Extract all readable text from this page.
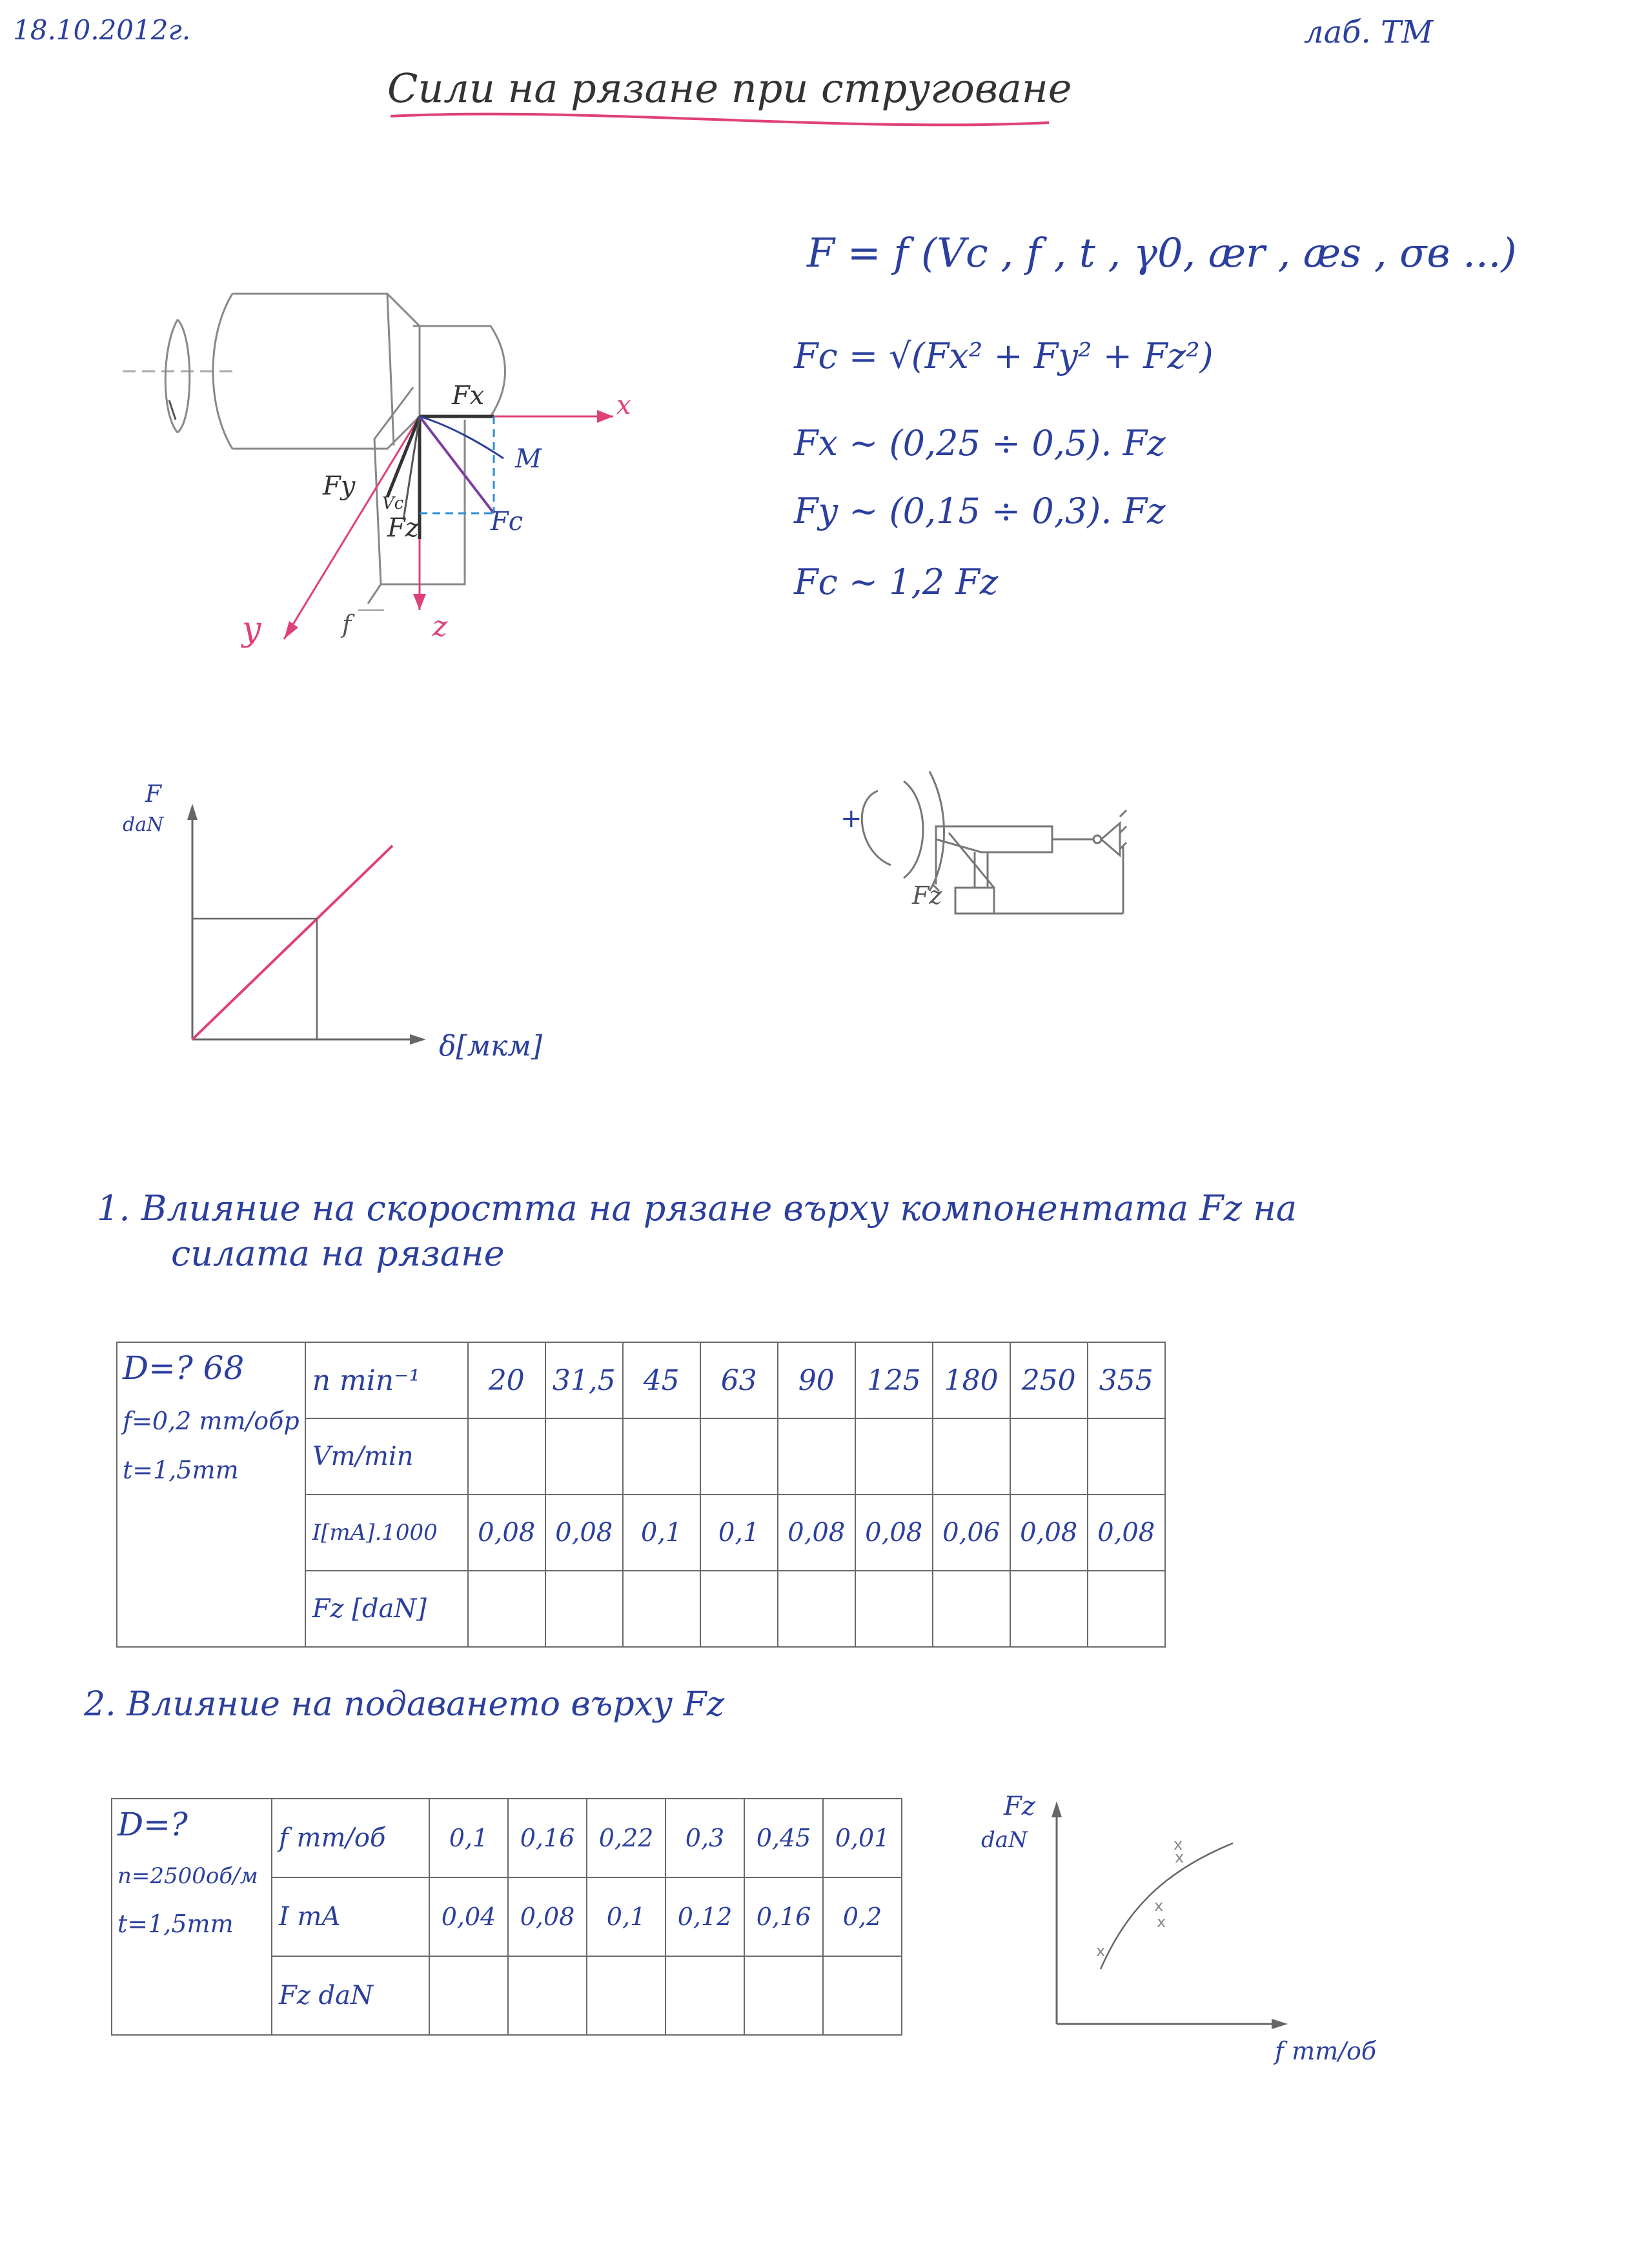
18.10.2012г.	лаб. ТМ
Сили на рязане при струговане
F = f (Vc , f , t , γ0, ær , æs , σв ...)
Fc = √(Fx² + Fy² + Fz²)
Fx ~ (0,25 ÷ 0,5). Fz
Fy ~ (0,15 ÷ 0,3). Fz
Fc ~ 1,2 Fz
Fx	x
M
Fc
Fy
Vc
Fz
y	f	z
F
daN
δ[мкм]
+
Fz
1. Влияние на скоростта на рязане върху компонентата Fz на
силата на рязане
D=? 68
f=0,2 mm/oбр
t=1,5mm	n min⁻¹	20	31,5	45	63	90	125	180	250	355
	Vm/min									
	I[mA].1000	0,08	0,08	0,1	0,1	0,08	0,08	0,06	0,08	0,08
	Fz [daN]									
2. Влияние на подаването върху Fz
D=?
n=2500oб/м
t=1,5mm	f mm/об	0,1	0,16	0,22	0,3	0,45	0,01
	I mA	0,04	0,08	0,1	0,12	0,16	0,2
	Fz daN						
x
x
x
x
x
Fz
daN
f mm/об
